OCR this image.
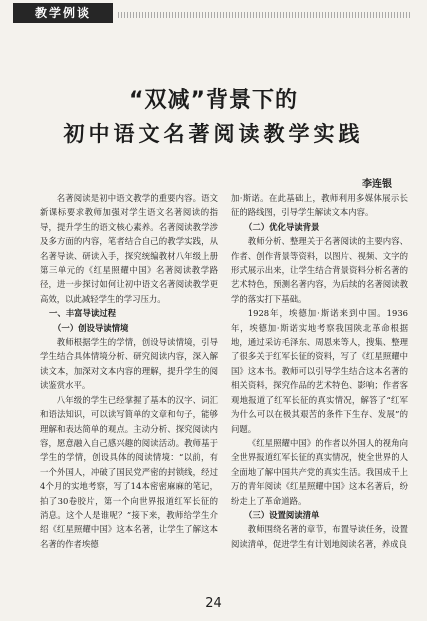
教学例谈
“双减”背景下的
初中语文名著阅读教学实践
李连银

名著阅读是初中语文教学的重要内容。语文新课标要求教师加强对学生语文名著阅读的指导，提升学生的语文核心素养。名著阅读教学涉及多方面的内容，笔者结合自己的教学实践，从名著导读、研读入手，探究统编教材八年级上册第三单元的《红星照耀中国》名著阅读教学路径，进一步探讨如何让初中语文名著阅读教学更高效，以此减轻学生的学习压力。

一、丰富导读过程

（一）创设导读情境

教师根据学生的学情，创设导读情境，引导学生结合具体情境分析、研究阅读内容，深入解读文本，加深对文本内容的理解，提升学生的阅读鉴赏水平。

八年级的学生已经掌握了基本的汉字、词汇和语法知识，可以读写简单的文章和句子，能够理解和表达简单的观点。主动分析、探究阅读内容，愿意融入自己感兴趣的阅读活动。教师基于学生的学情，创设具体的阅读情境：“以前，有一个外国人，冲破了国民党严密的封锁线，经过4个月的实地考察，写了14本密密麻麻的笔记，拍了30卷胶片，第一个向世界报道红军长征的消息。这个人是谁呢？”接下来，教师给学生介绍《红星照耀中国》这本名著，让学生了解这本名著的作者埃德

加·斯诺。在此基础上，教师利用多媒体展示长征的路线图，引导学生解读文本内容。

（二）优化导读背景

教师分析、整理关于名著阅读的主要内容、作者、创作背景等资料，以图片、视频、文字的形式展示出来，让学生结合背景资料分析名著的艺术特色，预测名著内容，为后续的名著阅读教学的落实打下基础。

1928年，埃德加·斯诺来到中国。1936年，埃德加·斯诺实地考察我国陕北革命根据地，通过采访毛泽东、周恩来等人，搜集、整理了很多关于红军长征的资料，写了《红星照耀中国》这本书。教师可以引导学生结合这本名著的相关资料，探究作品的艺术特色、影响；作者客观地报道了红军长征的真实情况，解答了“红军为什么可以在极其艰苦的条件下生存、发展”的问题。

《红星照耀中国》的作者以外国人的视角向全世界报道红军长征的真实情况，使全世界的人全面地了解中国共产党的真实生活。我国成千上万的青年阅读《红星照耀中国》这本名著后，纷纷走上了革命道路。

（三）设置阅读清单

教师围绕名著的章节，布置导读任务，设置阅读清单，促进学生有计划地阅读名著，养成良

24
